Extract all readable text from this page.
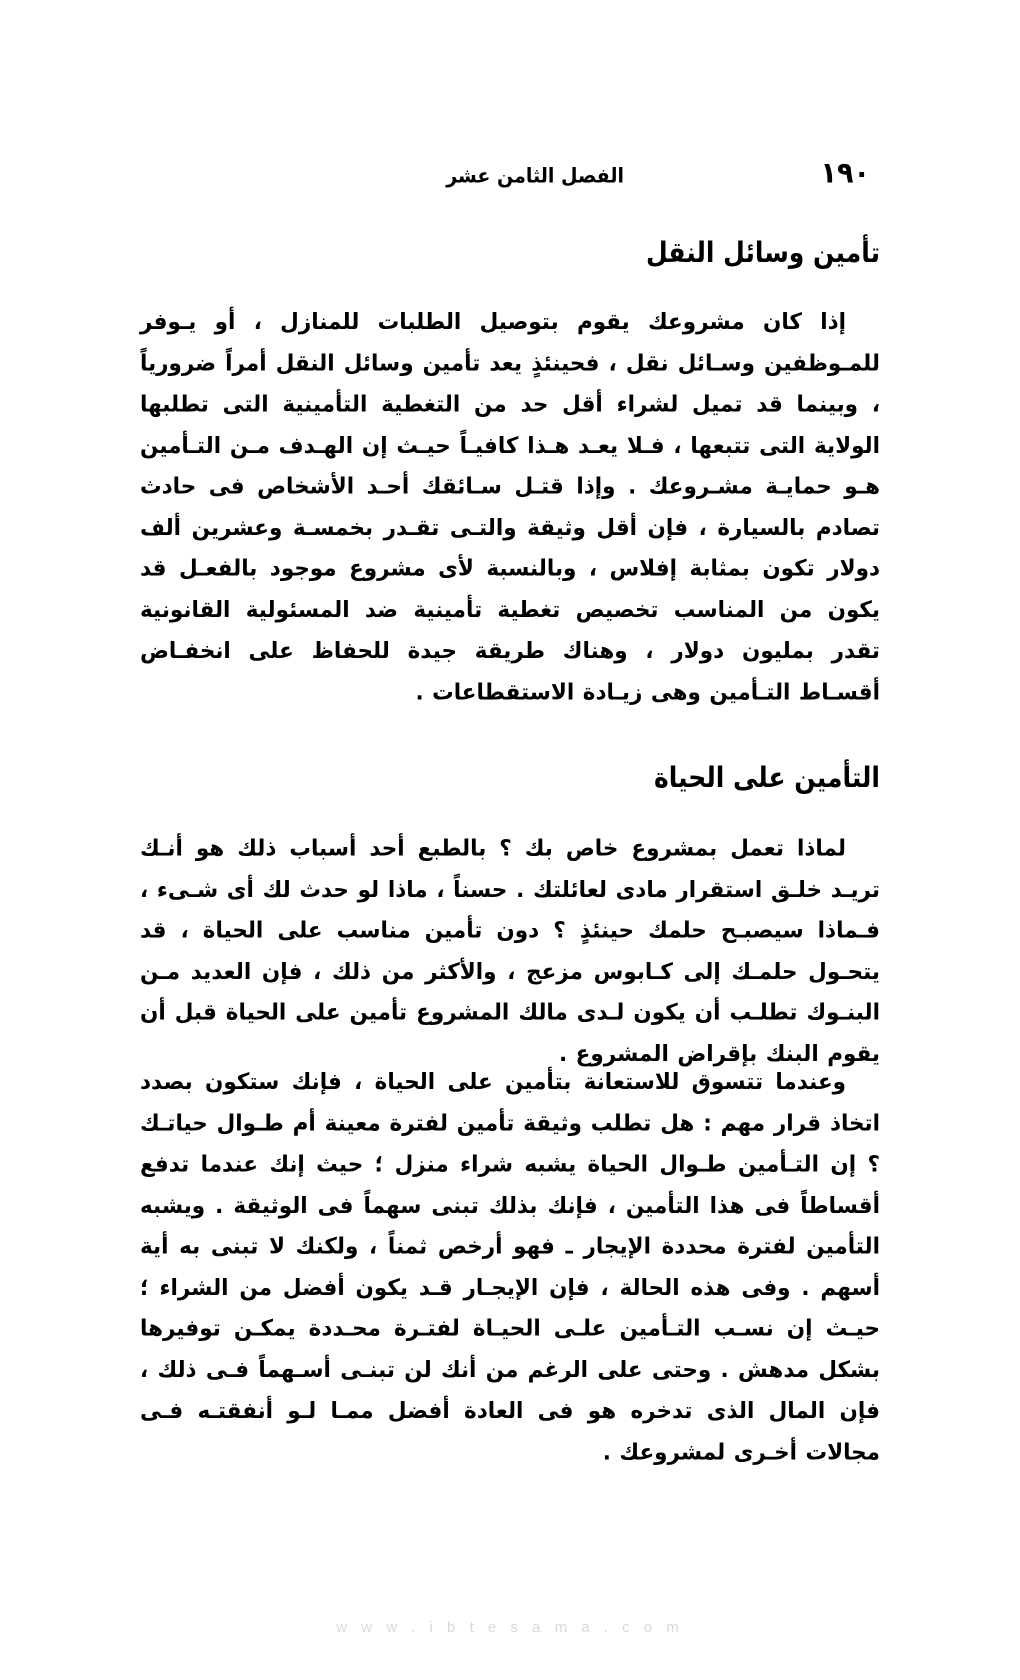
١٩٠
الفصل الثامن عشر
تأمين وسائل النقل

إذا كان مشروعك يقوم بتوصيل الطلبات للمنازل ، أو يـوفر للمـوظفين وسـائل نقل ، فحينئذٍ يعد تأمين وسائل النقل أمراً ضرورياً ، وبينما قد تميل لشراء أقل حد من التغطية التأمينية التى تطلبها الولاية التى تتبعها ، فـلا يعـد هـذا كافيـاً حيـث إن الهـدف مـن التـأمين هـو حمايـة مشـروعك . وإذا قتـل سـائقك أحـد الأشخاص فى حادث تصادم بالسيارة ، فإن أقل وثيقة والتـى تقـدر بخمسـة وعشرين ألف دولار تكون بمثابة إفلاس ، وبالنسبة لأى مشروع موجود بالفعـل قد يكون من المناسب تخصيص تغطية تأمينية ضد المسئولية القانونية تقدر بمليون دولار ، وهناك طريقة جيدة للحفاظ على انخفـاض أقسـاط التـأمين وهى زيـادة الاستقطاعات .

التأمين على الحياة

لماذا تعمل بمشروع خاص بك ؟ بالطبع أحد أسباب ذلك هو أنـك تريـد خلـق استقرار مادى لعائلتك . حسناً ، ماذا لو حدث لك أى شـىء ، فـماذا سيصبـح حلمك حينئذٍ ؟ دون تأمين مناسب على الحياة ، قد يتحـول حلمـك إلى كـابوس مزعج ، والأكثر من ذلك ، فإن العديد مـن البنـوك تطلـب أن يكون لـدى مالك المشروع تأمين على الحياة قبل أن يقوم البنك بإقراض المشروع .

وعندما تتسوق للاستعانة بتأمين على الحياة ، فإنك ستكون بصدد اتخاذ قرار مهم : هل تطلب وثيقة تأمين لفترة معينة أم طـوال حياتـك ؟ إن التـأمين طـوال الحياة يشبه شراء منزل ؛ حيث إنك عندما تدفع أقساطاً فى هذا التأمين ، فإنك بذلك تبنى سهماً فى الوثيقة . ويشبه التأمين لفترة محددة الإيجار ـ فهو أرخص ثمناً ، ولكنك لا تبنى به أية أسهم . وفى هذه الحالة ، فإن الإيجـار قـد يكون أفضل من الشراء ؛ حيـث إن نسـب التـأمين علـى الحيـاة لفتـرة محـددة يمكـن توفيرها بشكل مدهش . وحتى على الرغم من أنك لن تبنـى أسـهماً فـى ذلك ، فإن المال الذى تدخره هو فى العادة أفضل ممـا لـو أنفقتـه فـى مجالات أخـرى لمشروعك .

w w w . i b t e s a m a . c o m
